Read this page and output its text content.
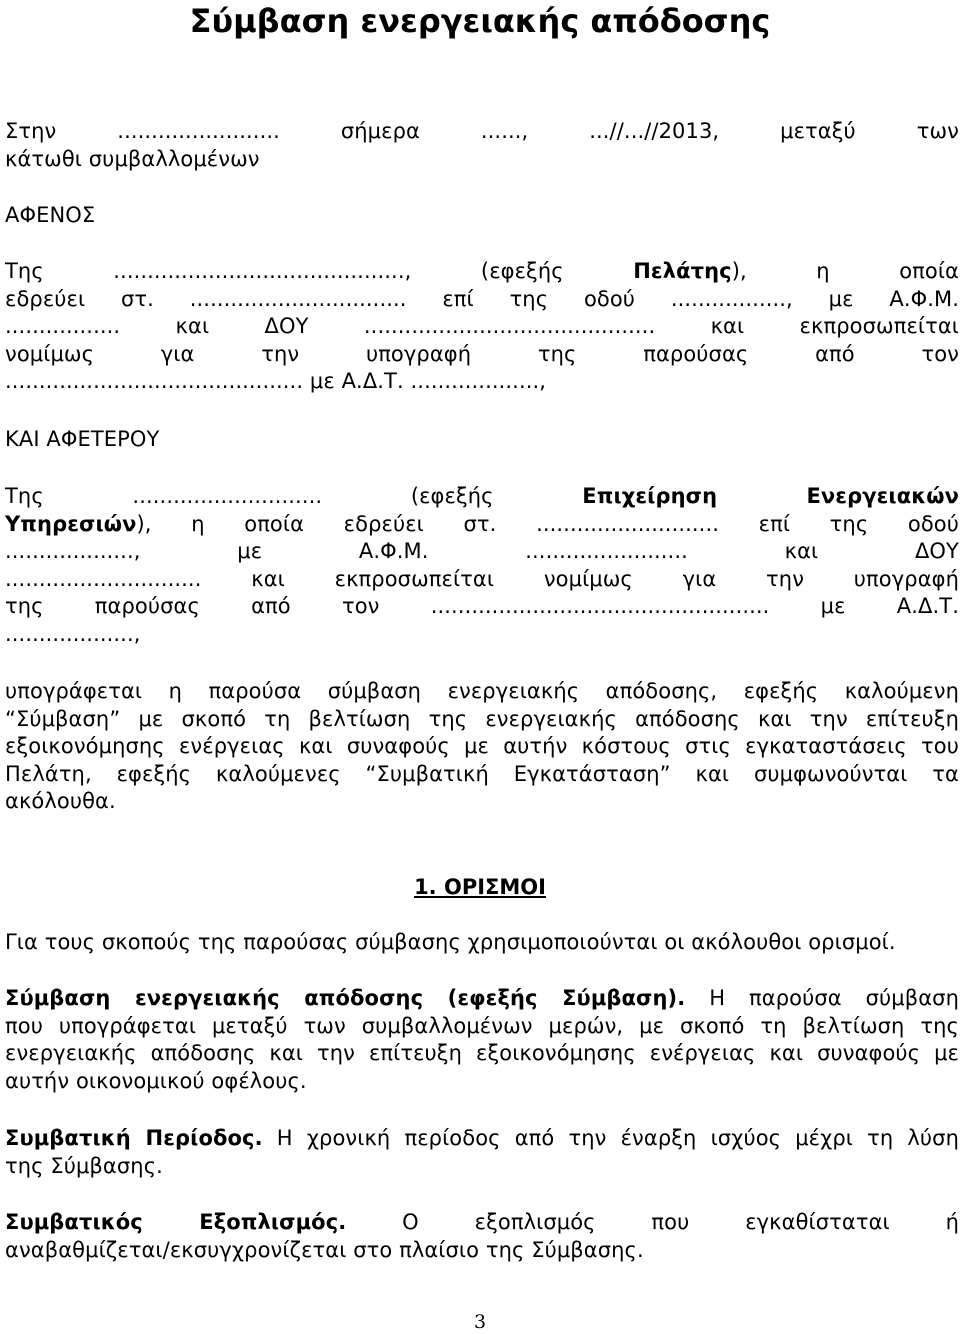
Σύμβαση ενεργειακής απόδοσης

Στην ........................ σήμερα ......, ...//...//2013, μεταξύ των
κάτωθι συμβαλλομένων

ΑΦΕΝΟΣ

Της ..........................................., (εφεξής Πελάτης), η οποία
εδρεύει στ. ................................ επί της οδού ................., με Α.Φ.Μ.
................. και ΔΟΥ ........................................... και εκπροσωπείται
νομίμως για την υπογραφή της παρούσας από τον
............................................ με Α.Δ.Τ. ...................,

ΚΑΙ ΑΦΕΤΕΡΟΥ

Της ............................ (εφεξής Επιχείρηση Ενεργειακών
Υπηρεσιών), η οποία εδρεύει στ. ........................... επί της οδού
..................., με Α.Φ.Μ. ........................ και ΔΟΥ
............................. και εκπροσωπείται νομίμως για την υπογραφή
της παρούσας από τον .................................................. με Α.Δ.Τ.
...................,

υπογράφεται η παρούσα σύμβαση ενεργειακής απόδοσης, εφεξής καλούμενη
“Σύμβαση” με σκοπό τη βελτίωση της ενεργειακής απόδοσης και την επίτευξη
εξοικονόμησης ενέργειας και συναφούς με αυτήν κόστους στις εγκαταστάσεις του
Πελάτη, εφεξής καλούμενες “Συμβατική Εγκατάσταση” και συμφωνούνται τα
ακόλουθα.

1. ΟΡΙΣΜΟΙ

Για τους σκοπούς της παρούσας σύμβασης χρησιμοποιούνται οι ακόλουθοι ορισμοί.

Σύμβαση ενεργειακής απόδοσης (εφεξής Σύμβαση). Η παρούσα σύμβαση
που υπογράφεται μεταξύ των συμβαλλομένων μερών, με σκοπό τη βελτίωση της
ενεργειακής απόδοσης και την επίτευξη εξοικονόμησης ενέργειας και συναφούς με
αυτήν οικονομικού οφέλους.

Συμβατική Περίοδος. Η χρονική περίοδος από την έναρξη ισχύος μέχρι τη λύση
της Σύμβασης.

Συμβατικός Εξοπλισμός. Ο εξοπλισμός που εγκαθίσταται ή
αναβαθμίζεται/εκσυγχρονίζεται στο πλαίσιο της Σύμβασης.

3
